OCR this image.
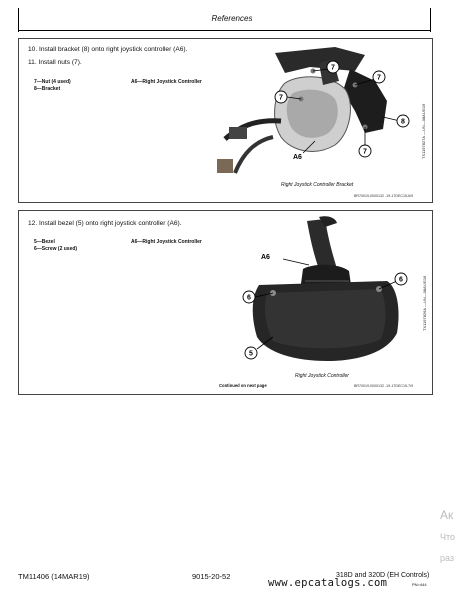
References
10. Install bracket (8) onto right joystick controller (A6).
11. Install nuts (7).
7—Nut (4 used)
8—Bracket
A6—Right Joystick Controller
7
7
7
7
8
A6	TX1197827A —UN—08AUG16
Right Joystick Controller Bracket
BR70019,0000132 -19-17DEC15-6/9
12. Install bezel (5) onto right joystick controller (A6).
5—Bezel
6—Screw (2 used)
A6—Right Joystick Controller
A6
6
6
5
TX1197826A —UN—08AUG16
Right Joystick Controller
Continued on next page	BR70019,0000132 -19-17DEC15-7/9
Ак
Что
раз
TM11406 (14MAR19)	9015-20-52	318D and 320D (EH Controls)
www.epcatalogs.com	PN=444
